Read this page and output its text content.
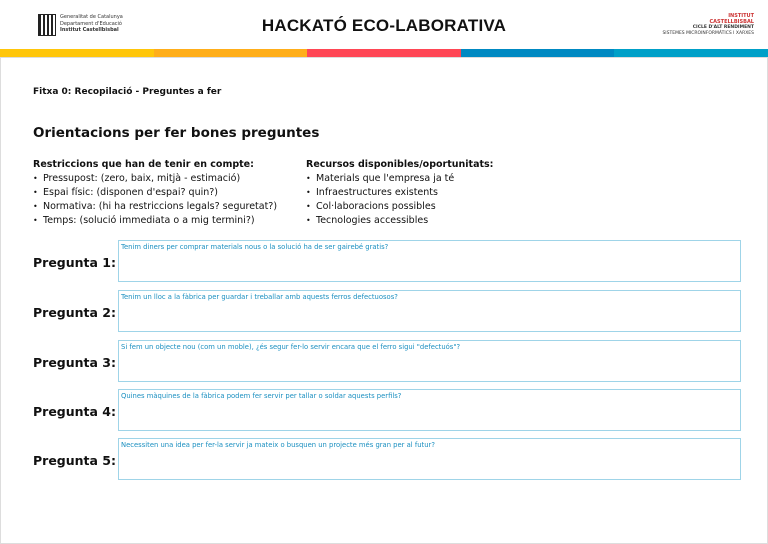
Generalitat de Catalunya
Departament d'Educació
Institut Castellbisbal	HACKATÓ ECO-LABORATIVA	INSTITUT
CASTELLBISBAL
CICLE D'ALT RENDIMENT
SISTEMES MICROINFORMÀTICS I XARXES
Fitxa 0: Recopilació - Preguntes a fer
Orientacions per fer bones preguntes
Restriccions que han de tenir en compte:
• Pressupost: (zero, baix, mitjà - estimació)
• Espai físic: (disponen d'espai? quin?)
• Normativa: (hi ha restriccions legals? seguretat?)
• Temps: (solució immediata o a mig termini?)
Recursos disponibles/oportunitats:
• Materials que l'empresa ja té
• Infraestructures existents
• Col·laboracions possibles
• Tecnologies accessibles
Pregunta 1:
Tenim diners per comprar materials nous o la solució ha de ser gairebé gratis?
Pregunta 2:
Tenim un lloc a la fàbrica per guardar i treballar amb aquests ferros defectuosos?
Pregunta 3:
Si fem un objecte nou (com un moble), ¿és segur fer-lo servir encara que el ferro sigui "defectuós"?
Pregunta 4:
Quines màquines de la fàbrica podem fer servir per tallar o soldar aquests perfils?
Pregunta 5:
Necessiten una idea per fer-la servir ja mateix o busquen un projecte més gran per al futur?
